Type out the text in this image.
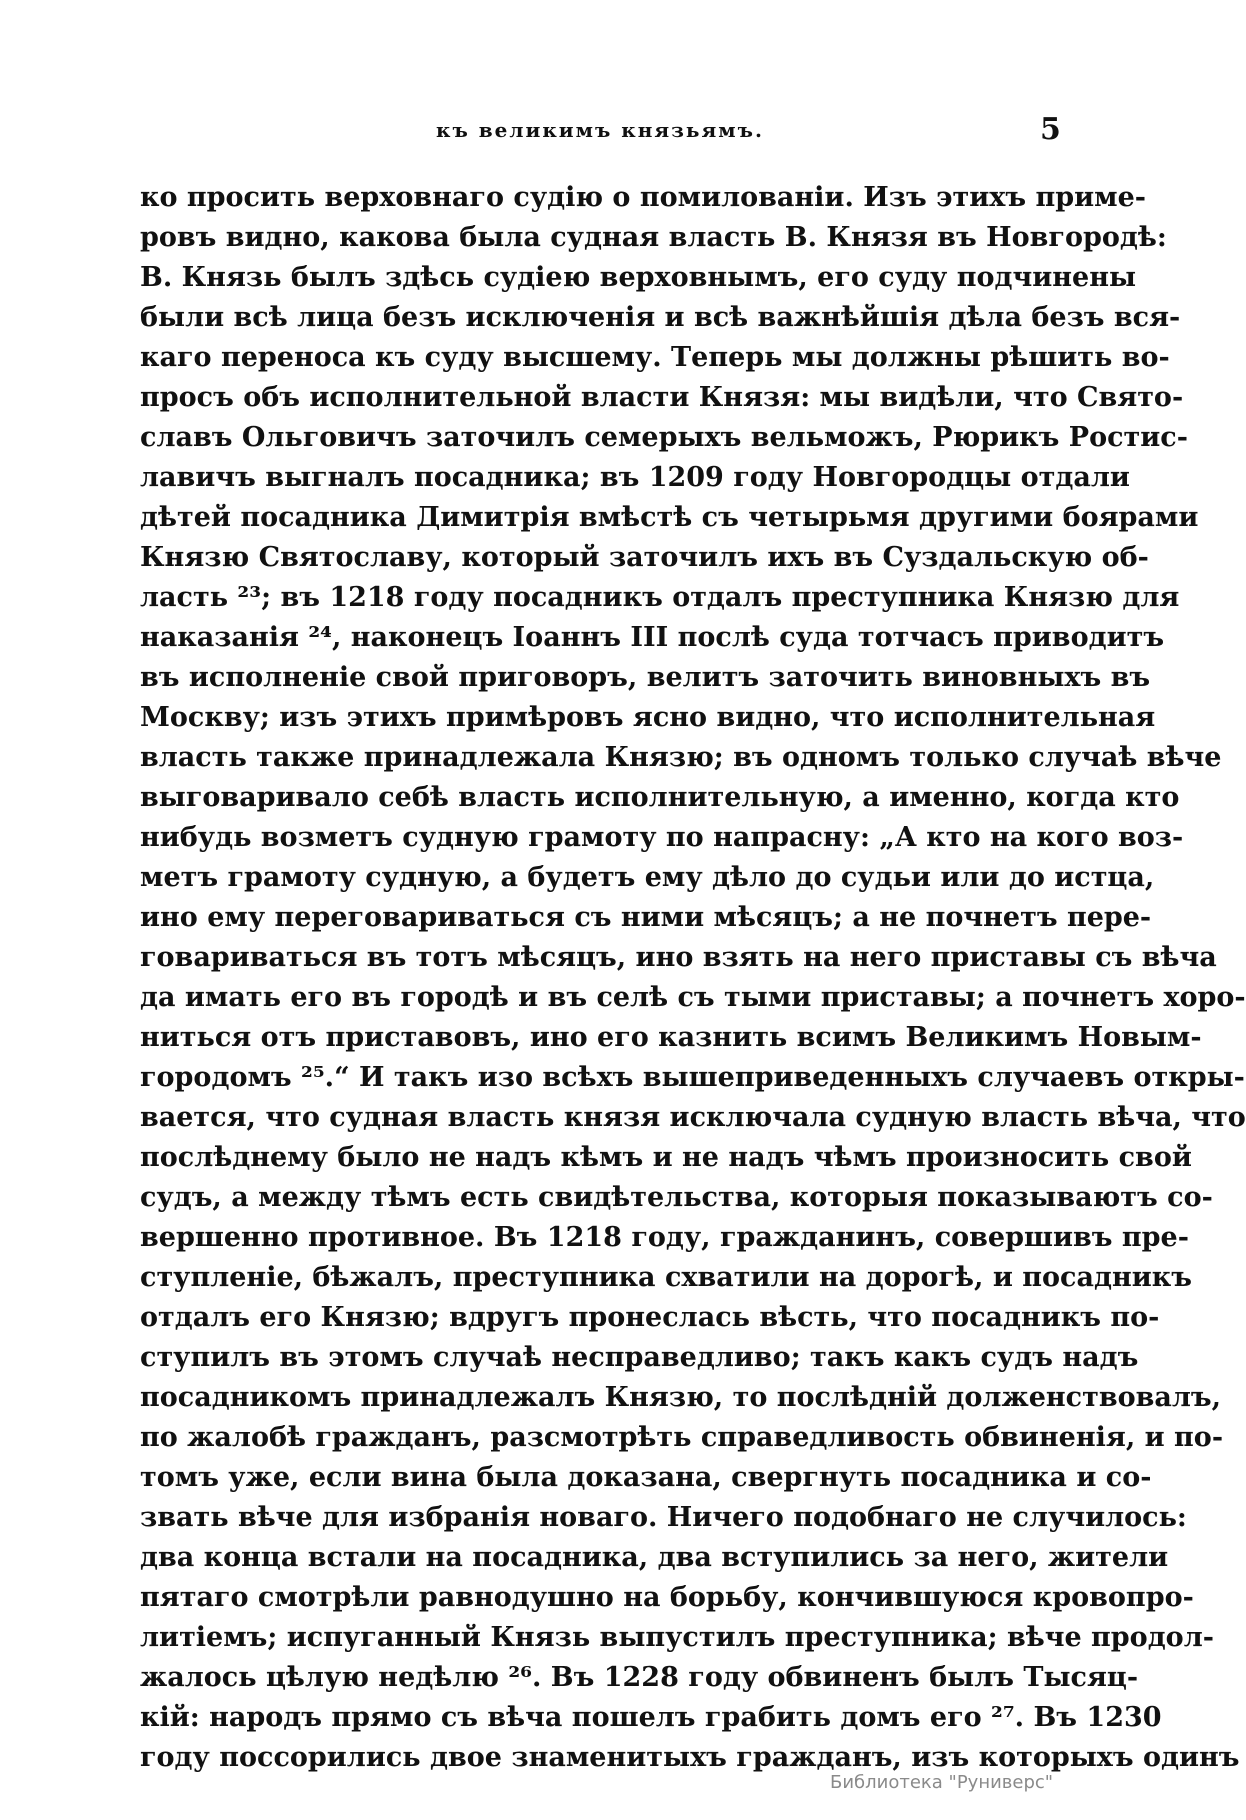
къ великимъ князьямъ.	5
ко просить верховнаго судію о помилованіи. Изъ этихъ приме-
ровъ видно, какова была судная власть В. Князя въ Новгородѣ:
В. Князь былъ здѣсь судіею верховнымъ, его суду подчинены
были всѣ лица безъ исключенія и всѣ важнѣйшія дѣла безъ вся-
каго переноса къ суду высшему. Теперь мы должны рѣшить во-
просъ объ исполнительной власти Князя: мы видѣли, что Свято-
славъ Ольговичъ заточилъ семерыхъ вельможъ, Рюрикъ Ростис-
лавичъ выгналъ посадника; въ 1209 году Новгородцы отдали
дѣтей посадника Димитрія вмѣстѣ съ четырьмя другими боярами
Князю Святославу, который заточилъ ихъ въ Суздальскую об-
ласть ²³; въ 1218 году посадникъ отдалъ преступника Князю для
наказанія ²⁴, наконецъ Іоаннъ III послѣ суда тотчасъ приводитъ
въ исполненіе свой приговоръ, велитъ заточить виновныхъ въ
Москву; изъ этихъ примѣровъ ясно видно, что исполнительная
власть также принадлежала Князю; въ одномъ только случаѣ вѣче
выговаривало себѣ власть исполнительную, а именно, когда кто
нибудь возметъ судную грамоту по напрасну: „А кто на кого воз-
метъ грамоту судную, а будетъ ему дѣло до судьи или до истца,
ино ему переговариваться съ ними мѣсяцъ; а не почнетъ пере-
говариваться въ тотъ мѣсяцъ, ино взять на него приставы съ вѣча
да имать его въ городѣ и въ селѣ съ тыми приставы; а почнетъ хоро-
ниться отъ приставовъ, ино его казнить всимъ Великимъ Новым-
городомъ ²⁵.“ И такъ изо всѣхъ вышеприведенныхъ случаевъ откры-
вается, что судная власть князя исключала судную власть вѣча, что
послѣднему было не надъ кѣмъ и не надъ чѣмъ произносить свой
судъ, а между тѣмъ есть свидѣтельства, которыя показываютъ со-
вершенно противное. Въ 1218 году, гражданинъ, совершивъ пре-
ступленіе, бѣжалъ, преступника схватили на дорогѣ, и посадникъ
отдалъ его Князю; вдругъ пронеслась вѣсть, что посадникъ по-
ступилъ въ этомъ случаѣ несправедливо; такъ какъ судъ надъ
посадникомъ принадлежалъ Князю, то послѣдній долженствовалъ,
по жалобѣ гражданъ, разсмотрѣть справедливость обвиненія, и по-
томъ уже, если вина была доказана, свергнуть посадника и со-
звать вѣче для избранія новаго. Ничего подобнаго не случилось:
два конца встали на посадника, два вступились за него, жители
пятаго смотрѣли равнодушно на борьбу, кончившуюся кровопро-
литіемъ; испуганный Князь выпустилъ преступника; вѣче продол-
жалось цѣлую недѣлю ²⁶. Въ 1228 году обвиненъ былъ Тысяц-
кій: народъ прямо съ вѣча пошелъ грабить домъ его ²⁷. Въ 1230
году поссорились двое знаменитыхъ гражданъ, изъ которыхъ одинъ
Библиотека "Руниверс"
